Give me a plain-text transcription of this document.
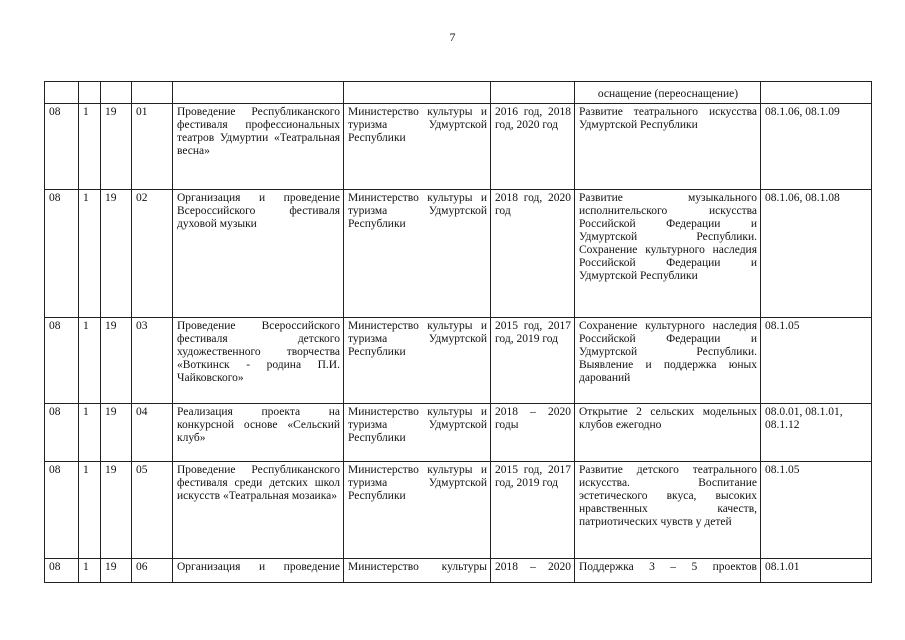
7
							оснащение (переоснащение)	
08	1	19	01	Проведение Республиканского фестиваля профессиональных театров Удмуртии «Театральная весна»	Министерство культуры и туризма Удмуртской Республики	2016 год, 2018 год, 2020 год	Развитие театрального искусства Удмуртской Республики	08.1.06, 08.1.09
08	1	19	02	Организация и проведение Всероссийского фестиваля духовой музыки	Министерство культуры и туризма Удмуртской Республики	2018 год, 2020 год	Развитие музыкального исполнительского искусства Российской Федерации и Удмуртской Республики. Сохранение культурного наследия Российской Федерации и Удмуртской Республики	08.1.06, 08.1.08
08	1	19	03	Проведение Всероссийского фестиваля детского художественного творчества «Воткинск - родина П.И. Чайковского»	Министерство культуры и туризма Удмуртской Республики	2015 год, 2017 год, 2019 год	Сохранение культурного наследия Российской Федерации и Удмуртской Республики. Выявление и поддержка юных дарований	08.1.05
08	1	19	04	Реализация проекта на конкурсной основе «Сельский клуб»	Министерство культуры и туризма Удмуртской Республики	2018 – 2020 годы	Открытие 2 сельских модельных клубов ежегодно	08.0.01, 08.1.01, 08.1.12
08	1	19	05	Проведение Республиканского фестиваля среди детских школ искусств «Театральная мозаика»	Министерство культуры и туризма Удмуртской Республики	2015 год, 2017 год, 2019 год	Развитие детского театрального искусства. Воспитание эстетического вкуса, высоких нравственных качеств, патриотических чувств у детей	08.1.05
08	1	19	06	Организация и проведение	Министерство культуры	2018 – 2020	Поддержка 3 – 5 проектов	08.1.01
